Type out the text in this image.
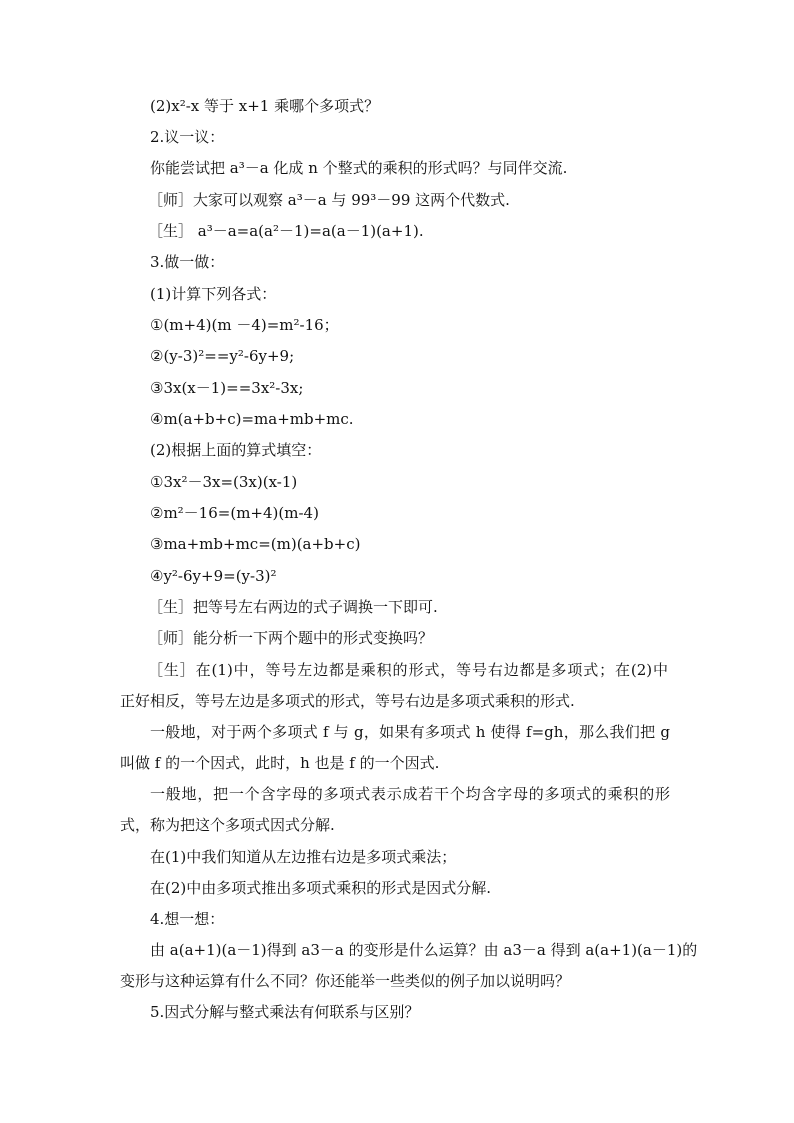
(2)x²-x 等于 x+1 乘哪个多项式？
2.议一议：
你能尝试把 a³－a 化成 n 个整式的乘积的形式吗？与同伴交流.
［师］大家可以观察 a³－a 与 99³－99 这两个代数式.
［生］ a³－a=a(a²－1)=a(a－1)(a+1).
3.做一做：
(1)计算下列各式：
①(m+4)(m －4)=m²-16；
②(y-3)²==y²-6y+9;
③3x(x－1)==3x²-3x;
④m(a+b+c)=ma+mb+mc.
(2)根据上面的算式填空：
①3x²－3x=(3x)(x-1)
②m²－16=(m+4)(m-4)
③ma+mb+mc=(m)(a+b+c)
④y²-6y+9=(y-3)²
［生］把等号左右两边的式子调换一下即可.
［师］能分析一下两个题中的形式变换吗？
［生］在(1)中，等号左边都是乘积的形式，等号右边都是多项式；在(2)中
正好相反，等号左边是多项式的形式，等号右边是多项式乘积的形式.
一般地，对于两个多项式 f 与 g，如果有多项式 h 使得 f=gh，那么我们把 g
叫做 f 的一个因式，此时，h 也是 f 的一个因式.
一般地，把一个含字母的多项式表示成若干个均含字母的多项式的乘积的形
式，称为把这个多项式因式分解.
在(1)中我们知道从左边推右边是多项式乘法；
在(2)中由多项式推出多项式乘积的形式是因式分解.
4.想一想：
由 a(a+1)(a－1)得到 a3－a 的变形是什么运算？由 a3－a 得到 a(a+1)(a－1)的
变形与这种运算有什么不同？你还能举一些类似的例子加以说明吗？
5.因式分解与整式乘法有何联系与区别？
